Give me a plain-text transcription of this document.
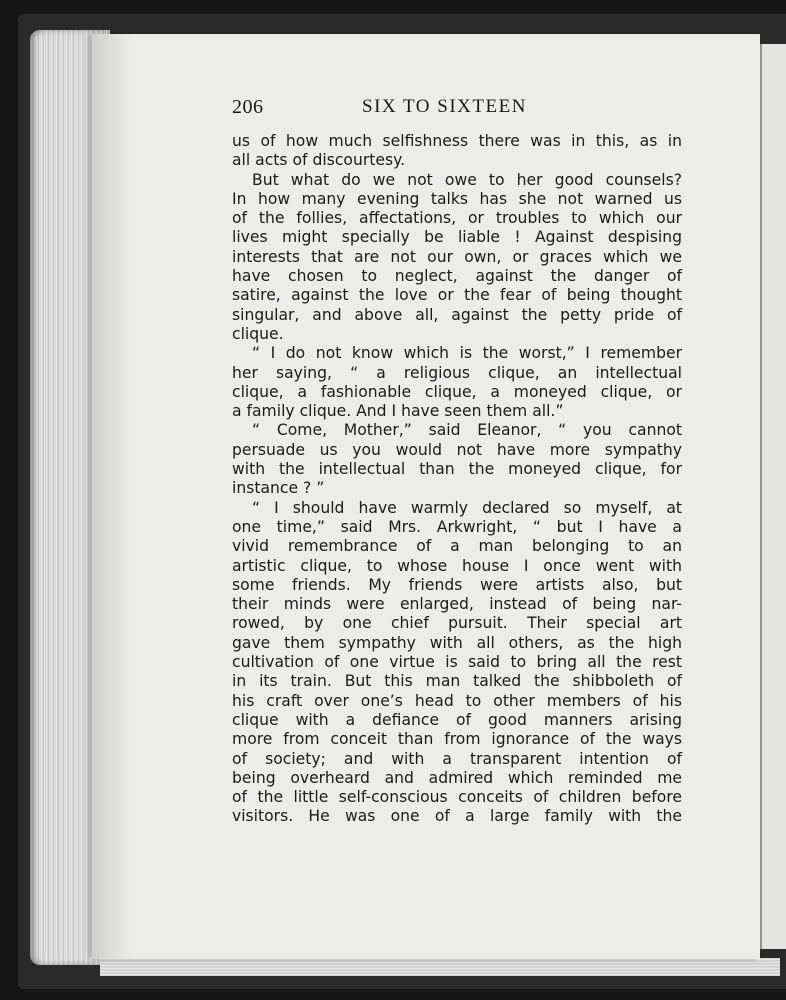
206	SIX TO SIXTEEN
us of how much selfishness there was in this, as in
all acts of discourtesy.
But what do we not owe to her good counsels?
In how many evening talks has she not warned us
of the follies, affectations, or troubles to which our
lives might specially be liable ! Against despising
interests that are not our own, or graces which we
have chosen to neglect, against the danger of
satire, against the love or the fear of being thought
singular, and above all, against the petty pride of
clique.
“ I do not know which is the worst,” I remember
her saying, “ a religious clique, an intellectual
clique, a fashionable clique, a moneyed clique, or
a family clique. And I have seen them all.”
“ Come, Mother,” said Eleanor, “ you cannot
persuade us you would not have more sympathy
with the intellectual than the moneyed clique, for
instance ? ”
“ I should have warmly declared so myself, at
one time,” said Mrs. Arkwright, “ but I have a
vivid remembrance of a man belonging to an
artistic clique, to whose house I once went with
some friends. My friends were artists also, but
their minds were enlarged, instead of being nar-
rowed, by one chief pursuit. Their special art
gave them sympathy with all others, as the high
cultivation of one virtue is said to bring all the rest
in its train. But this man talked the shibboleth of
his craft over one’s head to other members of his
clique with a defiance of good manners arising
more from conceit than from ignorance of the ways
of society; and with a transparent intention of
being overheard and admired which reminded me
of the little self-conscious conceits of children before
visitors. He was one of a large family with the
